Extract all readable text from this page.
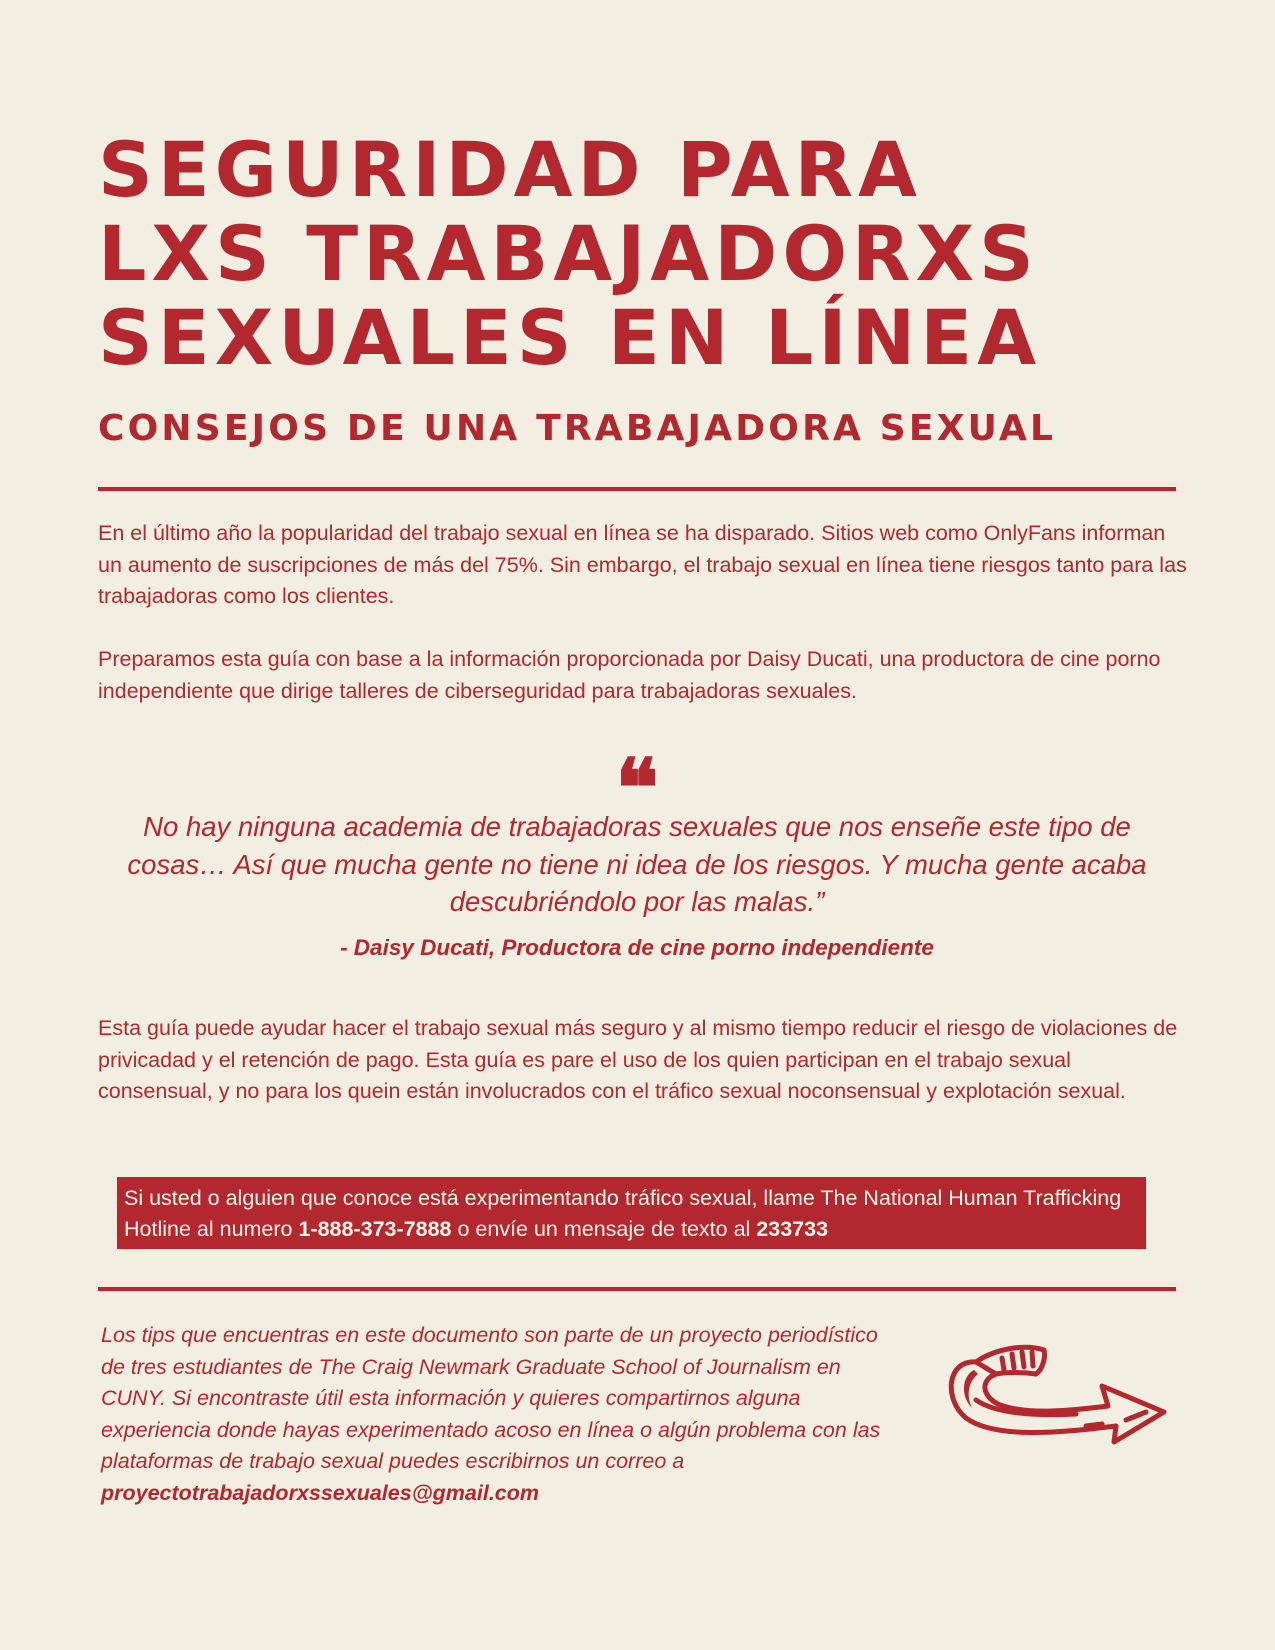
SEGURIDAD PARA
LXS TRABAJADORXS
SEXUALES EN LÍNEA
CONSEJOS DE UNA TRABAJADORA SEXUAL

En el último año la popularidad del trabajo sexual en línea se ha disparado. Sitios web como OnlyFans informan un aumento de suscripciones de más del 75%. Sin embargo, el trabajo sexual en línea tiene riesgos tanto para las trabajadoras como los clientes.

Preparamos esta guía con base a la información proporcionada por Daisy Ducati, una productora de cine porno independiente que dirige talleres de ciberseguridad para trabajadoras sexuales.

❝

No hay ninguna academia de trabajadoras sexuales que nos enseñe este tipo de cosas… Así que mucha gente no tiene ni idea de los riesgos. Y mucha gente acaba descubriéndolo por las malas.”

- Daisy Ducati, Productora de cine porno independiente

Esta guía puede ayudar hacer el trabajo sexual más seguro y al mismo tiempo reducir el riesgo de violaciones de privicadad y el retención de pago. Esta guía es pare el uso de los quien participan en el trabajo sexual consensual, y no para los quein están involucrados con el tráfico sexual noconsensual y explotación sexual.

Si usted o alguien que conoce está experimentando tráfico sexual, llame The National Human Trafficking Hotline al numero 1-888-373-7888 o envíe un mensaje de texto al 233733

Los tips que encuentras en este documento son parte de un proyecto periodístico de tres estudiantes de The Craig Newmark Graduate School of Journalism en CUNY. Si encontraste útil esta información y quieres compartirnos alguna experiencia donde hayas experimentado acoso en línea o algún problema con las plataformas de trabajo sexual puedes escribirnos un correo a proyectotrabajadorxssexuales@gmail.com
